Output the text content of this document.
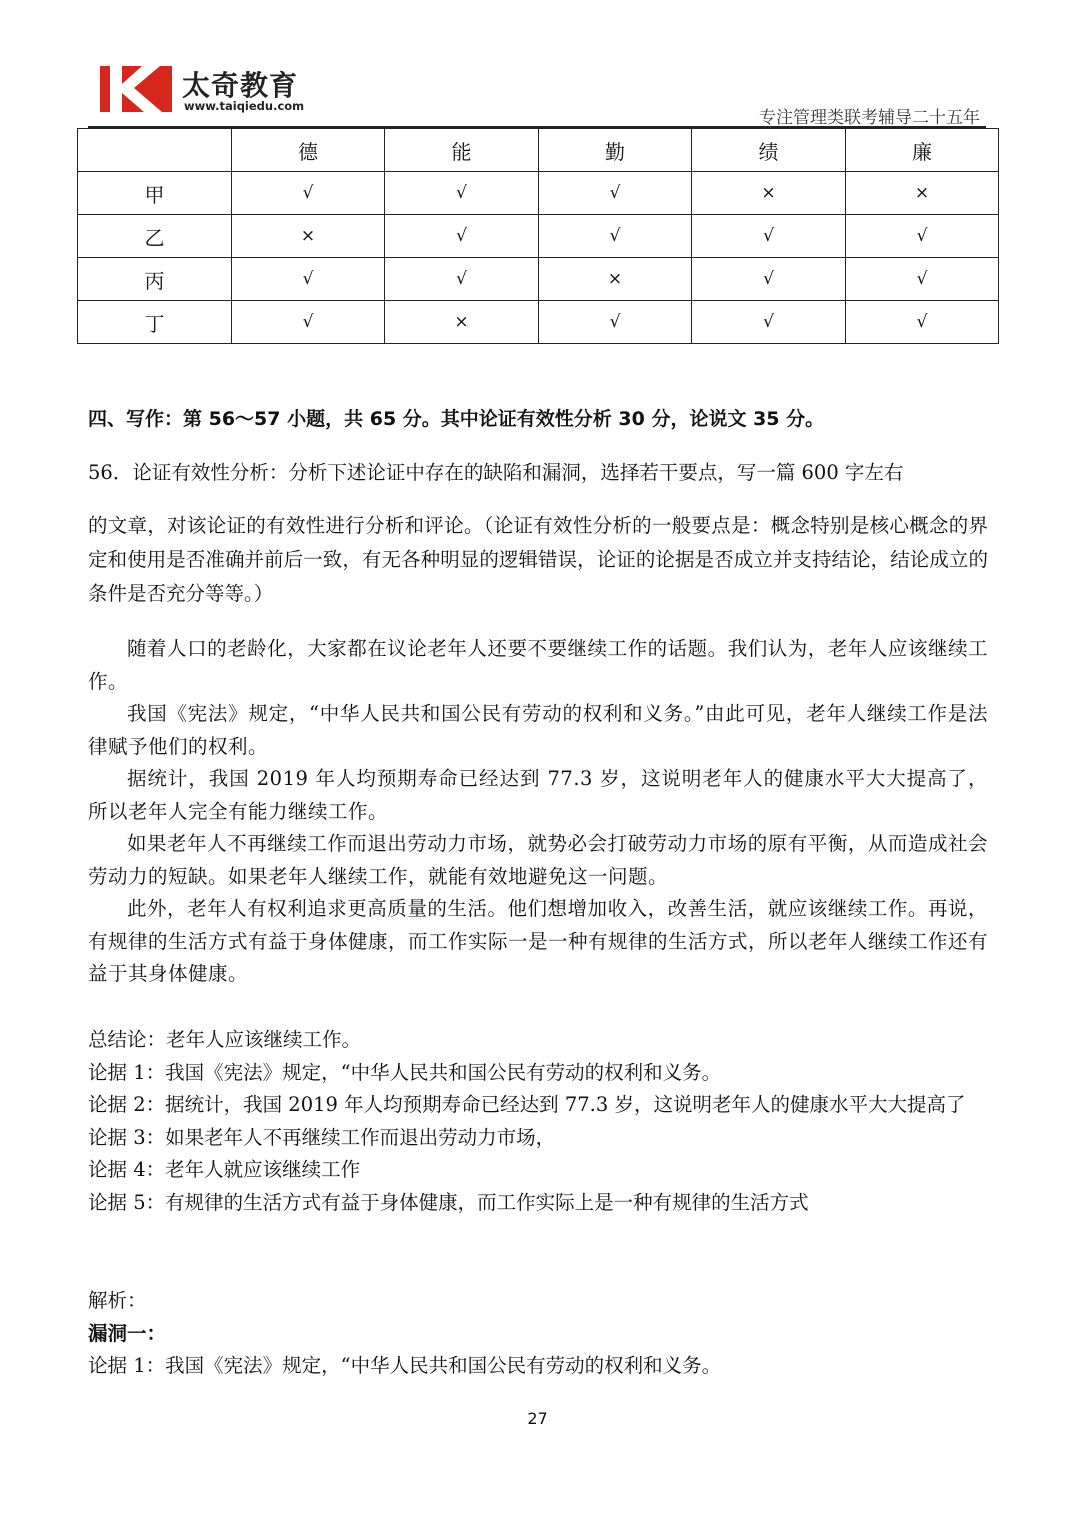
太奇教育
www.taiqiedu.com
专注管理类联考辅导二十五年
	德	能	勤	绩	廉
甲	√	√	√	×	×
乙	×	√	√	√	√
丙	√	√	×	√	√
丁	√	×	√	√	√
四、写作：第 56～57 小题，共 65 分。其中论证有效性分析 30 分，论说文 35 分。
56．论证有效性分析：分析下述论证中存在的缺陷和漏洞，选择若干要点，写一篇 600 字左右
的文章，对该论证的有效性进行分析和评论。（论证有效性分析的一般要点是：概念特别是核心概念的界定和使用是否准确并前后一致，有无各种明显的逻辑错误，论证的论据是否成立并支持结论，结论成立的条件是否充分等等。）

随着人口的老龄化，大家都在议论老年人还要不要继续工作的话题。我们认为，老年人应该继续工作。

我国《宪法》规定，“中华人民共和国公民有劳动的权利和义务。”由此可见，老年人继续工作是法律赋予他们的权利。

据统计，我国 2019 年人均预期寿命已经达到 77.3 岁，这说明老年人的健康水平大大提高了，所以老年人完全有能力继续工作。

如果老年人不再继续工作而退出劳动力市场，就势必会打破劳动力市场的原有平衡，从而造成社会劳动力的短缺。如果老年人继续工作，就能有效地避免这一问题。

此外，老年人有权利追求更高质量的生活。他们想增加收入，改善生活，就应该继续工作。再说，有规律的生活方式有益于身体健康，而工作实际一是一种有规律的生活方式，所以老年人继续工作还有益于其身体健康。

总结论：老年人应该继续工作。
论据 1：我国《宪法》规定，“中华人民共和国公民有劳动的权利和义务。
论据 2：据统计，我国 2019 年人均预期寿命已经达到 77.3 岁，这说明老年人的健康水平大大提高了
论据 3：如果老年人不再继续工作而退出劳动力市场，
论据 4：老年人就应该继续工作
论据 5：有规律的生活方式有益于身体健康，而工作实际上是一种有规律的生活方式
解析：
漏洞一：
论据 1：我国《宪法》规定，“中华人民共和国公民有劳动的权利和义务。
27
